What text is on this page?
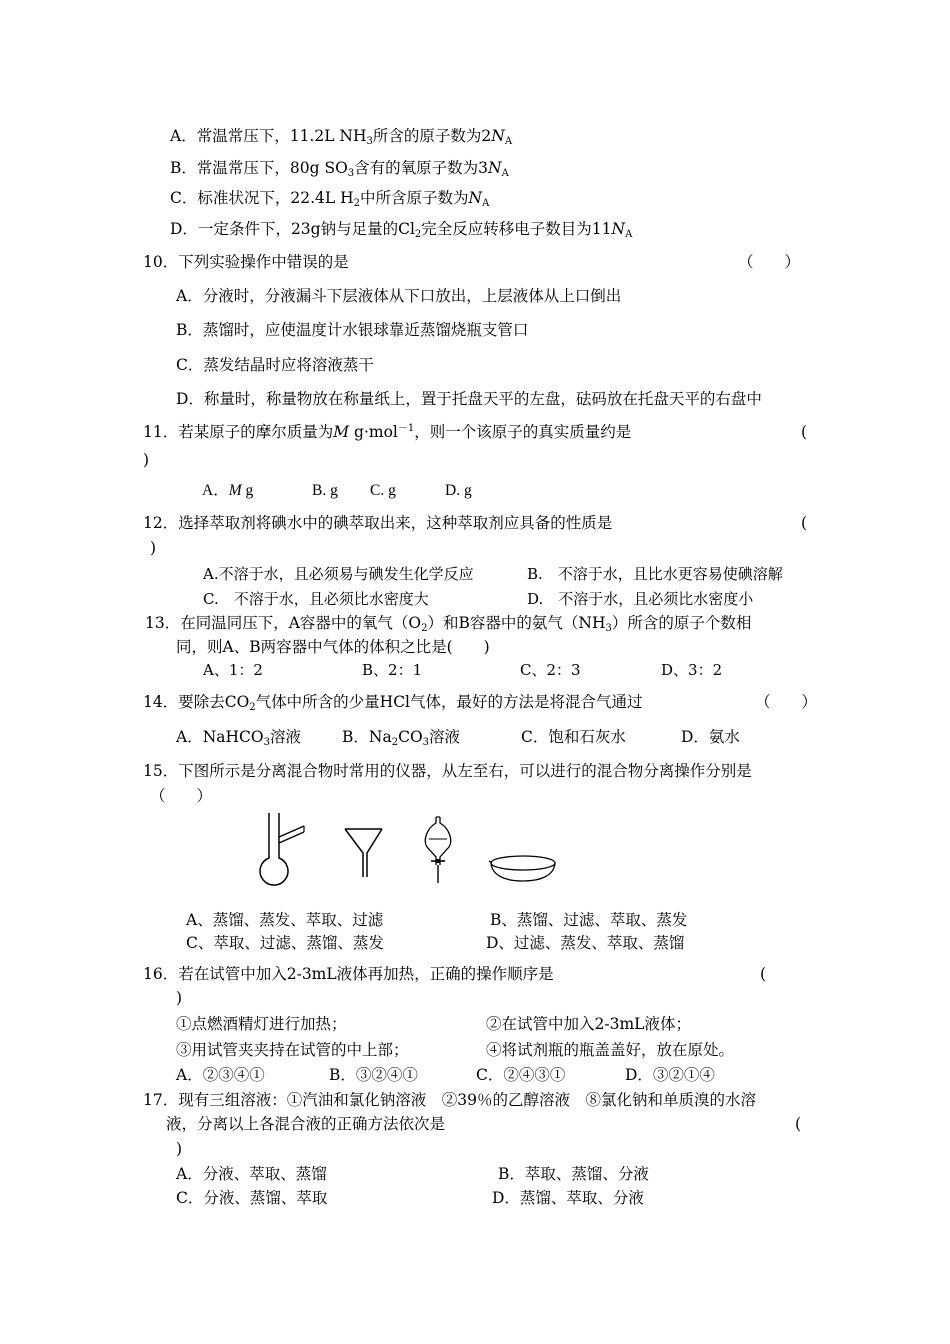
A．常温常压下，11.2L $NH_3$所含的原子数为$2N_A$
B．常温常压下，80g $SO_3$含有的氧原子数为$3N_A$
C．标准状况下，22.4L $H_2$中所含原子数为$N_A$
D．一定条件下，23g钠与足量的$Cl_2$完全反应转移电子数目为$11N_A$
10．下列实验操作中错误的是	（　　）
A．分液时，分液漏斗下层液体从下口放出，上层液体从上口倒出
B．蒸馏时，应使温度计水银球靠近蒸馏烧瓶支管口
C．蒸发结晶时应将溶液蒸干
D．称量时，称量物放在称量纸上，置于托盘天平的左盘，砝码放在托盘天平的右盘中
11．若某原子的摩尔质量为M g·mol$^{-1}$，则一个该原子的真实质量约是	(
)
A．M g	B. g C. g	D. g
12．选择萃取剂将碘水中的碘萃取出来，这种萃取剂应具备的性质是	(
)
A.不溶于水，且必须易与碘发生化学反应	B.　不溶于水，且比水更容易使碘溶解
C.　不溶于水，且必须比水密度大	D.　不溶于水，且必须比水密度小
13．在同温同压下，A容器中的氧气$(O_2)$和B容器中的氨气$(NH_3)$所含的原子个数相
同，则A、B两容器中气体的体积之比是(　　)
A、1：2	B、2：1	C、2：3	D、3：2
14．要除去$CO_2$气体中所含的少量HCl气体，最好的方法是将混合气通过	（　　）
A．NaHCO$_3$溶液	B．$Na_2CO_3$溶液	C．饱和石灰水	D．氨水
15．下图所示是分离混合物时常用的仪器，从左至右，可以进行的混合物分离操作分别是
（　　）
A、蒸馏、蒸发、萃取、过滤	B、蒸馏、过滤、萃取、蒸发
C、萃取、过滤、蒸馏、蒸发	D、过滤、蒸发、萃取、蒸馏
16．若在试管中加入2-3mL液体再加热，正确的操作顺序是	(
)
①点燃酒精灯进行加热；	②在试管中加入2-3mL液体；
③用试管夹夹持在试管的中上部；	④将试剂瓶的瓶盖盖好，放在原处。
A．②③④①	B．③②④①	C．②④③①	D．③②①④
17．现有三组溶液：①汽油和氯化钠溶液　②39％的乙醇溶液　⑧氯化钠和单质溴的水溶
液，分离以上各混合液的正确方法依次是	(
)
A．分液、萃取、蒸馏	B．萃取、蒸馏、分液
C．分液、蒸馏、萃取	D．蒸馏、萃取、分液
